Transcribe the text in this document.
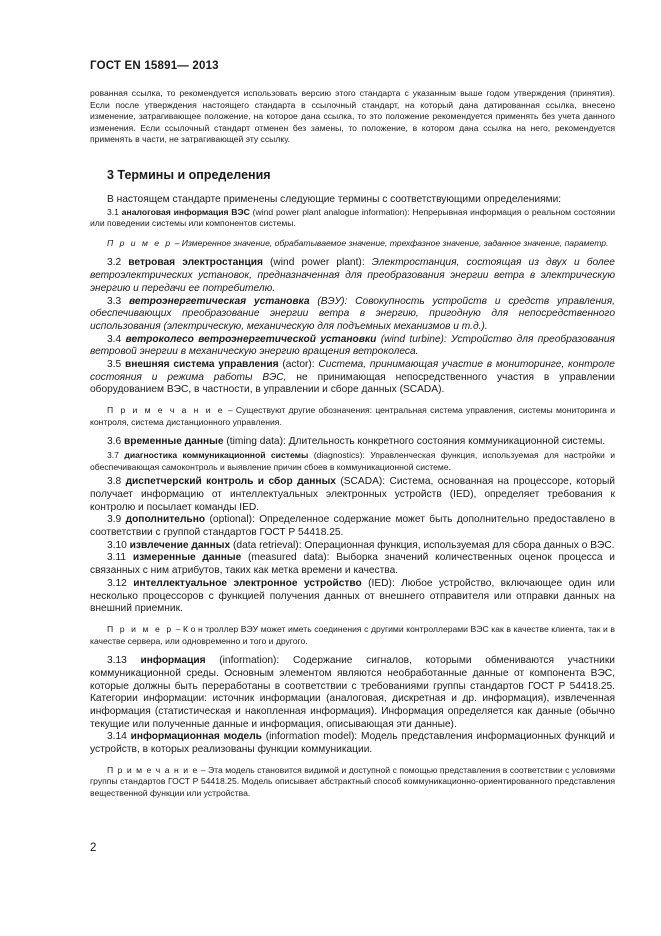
ГОСТ EN 15891— 2013

рованная ссылка, то рекомендуется использовать версию этого стандарта с указанным выше годом утверждения (принятия). Если после утверждения настоящего стандарта в ссылочный стандарт, на который дана датированная ссылка, внесено изменение, затрагивающее положение, на которое дана ссылка, то это положение рекомендуется применять без учета данного изменения. Если ссылочный стандарт отменен без замены, то положение, в котором дана ссылка на него, рекомендуется применять в части, не затрагивающей эту ссылку.

3 Термины и определения

В настоящем стандарте применены следующие термины с соответствующими определениями:

3.1 аналоговая информация ВЭС (wind power plant analogue information): Непрерывная информация о реальном состоянии или поведении системы или компонентов системы.

П р и м е р – Измеренное значение, обрабатываемое значение, трехфазное значение, заданное значение, параметр.

3.2 ветровая электростанция (wind power plant): Электростанция, состоящая из двух и более ветроэлектрических установок, предназначенная для преобразования энергии ветра в электрическую энергию и передачи ее потребителю.

3.3 ветроэнергетическая установка (ВЭУ): Совокупность устройств и средств управления, обеспечивающих преобразование энергии ветра в энергию, пригодную для непосредственного использования (электрическую, механическую для подъемных механизмов и т.д.).

3.4 ветроколесо ветроэнергетической установки (wind turbine): Устройство для преобразования ветровой энергии в механическую энергию вращения ветроколеса.

3.5 внешняя система управления (actor): Система, принимающая участие в мониторинге, контроле состояния и режима работы ВЭС, не принимающая непосредственного участия в управлении оборудованием ВЭС, в частности, в управлении и сборе данных (SCADA).

П р и м е ч а н и е – Существуют другие обозначения: центральная система управления, системы мониторинга и контроля, система дистанционного управления.

3.6 временные данные (timing data): Длительность конкретного состояния коммуникационной системы.

3.7 диагностика коммуникационной системы (diagnostics): Управленческая функция, используемая для настройки и обеспечивающая самоконтроль и выявление причин сбоев в коммуникационной системе.

3.8 диспетчерский контроль и сбор данных (SCADA): Система, основанная на процессоре, который получает информацию от интеллектуальных электронных устройств (IED), определяет требования к контролю и посылает команды IED.

3.9 дополнительно (optional): Определенное содержание может быть дополнительно предоставлено в соответствии с группой стандартов ГОСТ Р 54418.25.

3.10 извлечение данных (data retrieval): Операционная функция, используемая для сбора данных о ВЭС.

3.11 измеренные данные (measured data): Выборка значений количественных оценок процесса и связанных с ним атрибутов, таких как метка времени и качества.

3.12 интеллектуальное электронное устройство (IED): Любое устройство, включающее один или несколько процессоров с функцией получения данных от внешнего отправителя или отправки данных на внешний приемник.

П р и м е р – К о н троллер ВЭУ может иметь соединения с другими контроллерами ВЭС как в качестве клиента, так и в качестве сервера, или одновременно и того и другого.

3.13 информация (information): Содержание сигналов, которыми обмениваются участники коммуникационной среды. Основным элементом являются необработанные данные от компонента ВЭС, которые должны быть переработаны в соответствии с требованиями группы стандартов ГОСТ Р 54418.25. Категории информации: источник информации (аналоговая, дискретная и др. информация), извлеченная информация (статистическая и накопленная информация). Информация определяется как данные (обычно текущие или полученные данные и информация, описывающая эти данные).

3.14 информационная модель (information model): Модель представления информационных функций и устройств, в которых реализованы функции коммуникации.

П р и м е ч а н и е – Эта модель становится видимой и доступной с помощью представления в соответствии с условиями группы стандартов ГОСТ Р 54418.25. Модель описывает абстрактный способ коммуникационно-ориентированного представления вещественной функции или устройства.

2
